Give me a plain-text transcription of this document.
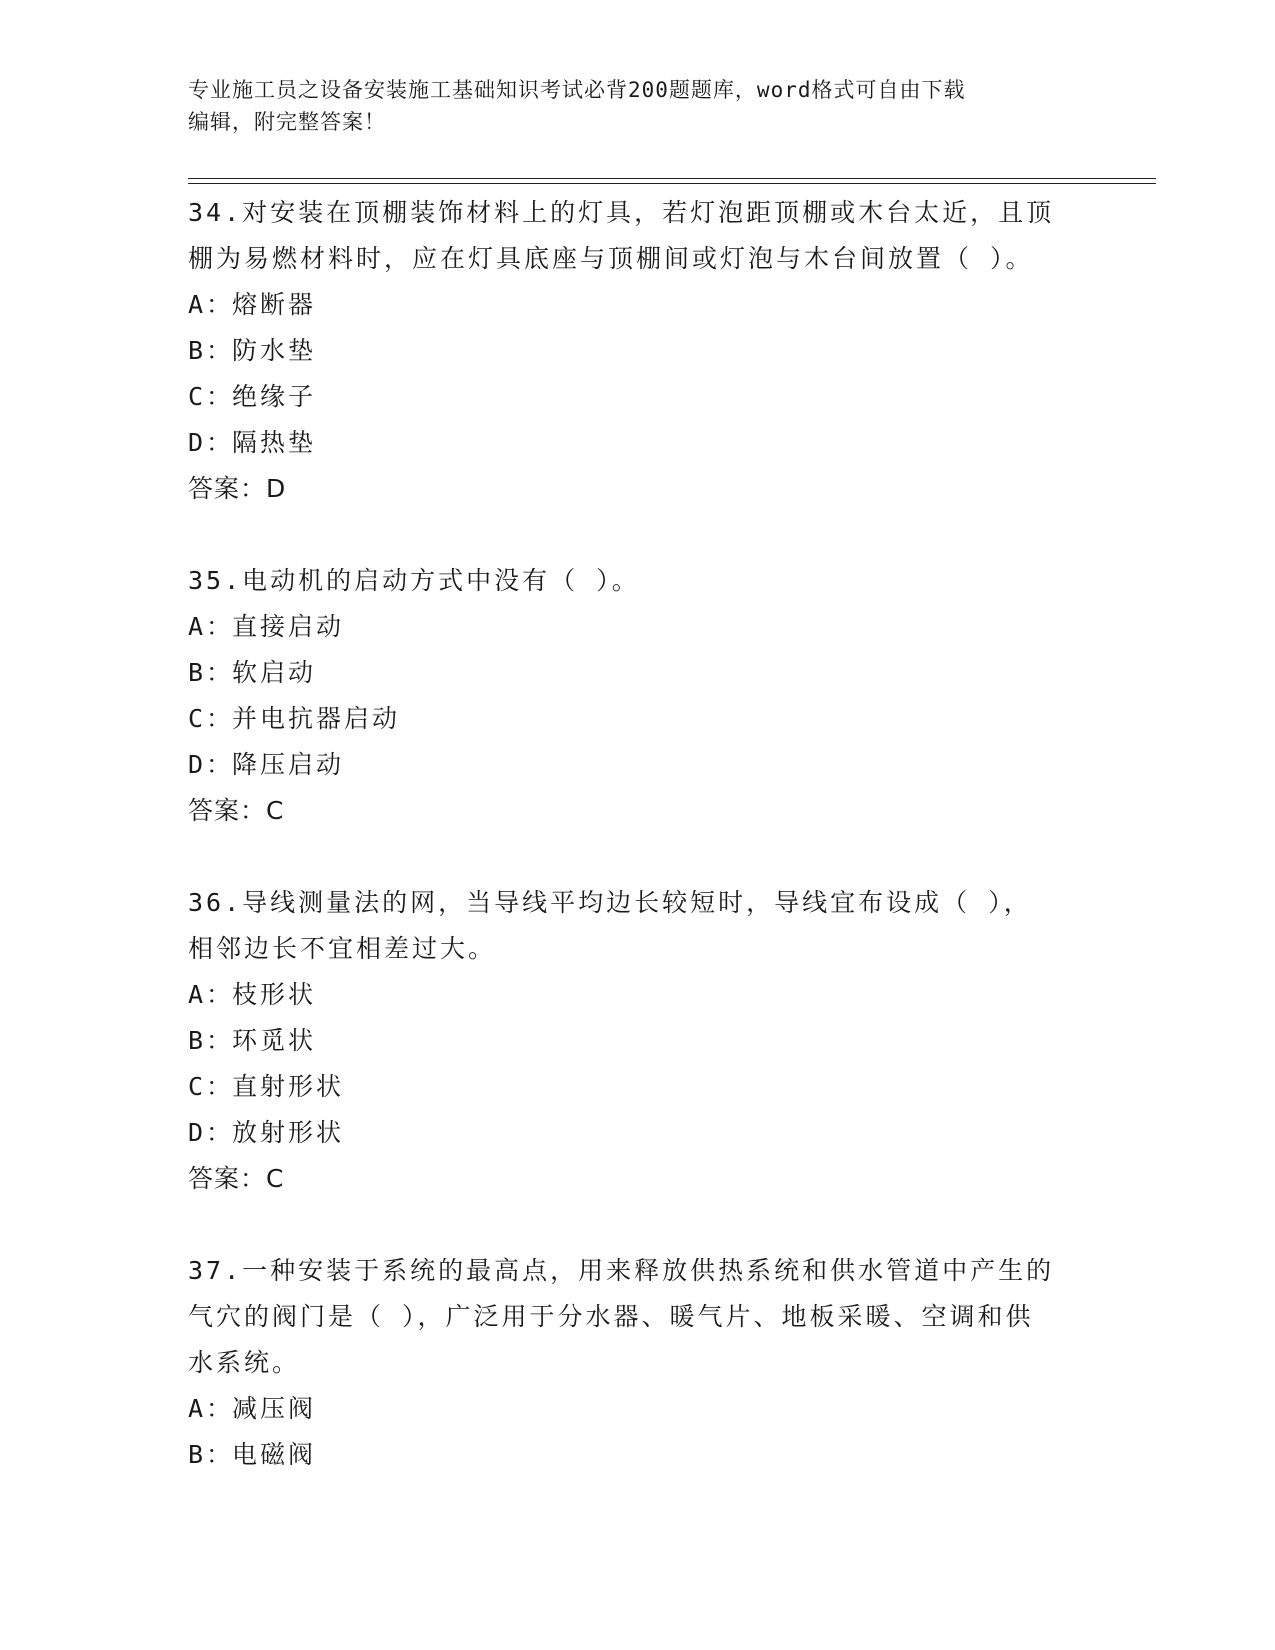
专业施工员之设备安装施工基础知识考试必背200题题库，word格式可自由下载
编辑，附完整答案！

34.对安装在顶棚装饰材料上的灯具，若灯泡距顶棚或木台太近，且顶

棚为易燃材料时，应在灯具底座与顶棚间或灯泡与木台间放置（ ）。

A：熔断器

B：防水垫

C：绝缘子

D：隔热垫

答案：D

35.电动机的启动方式中没有（ ）。

A：直接启动

B：软启动

C：并电抗器启动

D：降压启动

答案：C

36.导线测量法的网，当导线平均边长较短时，导线宜布设成（ ），

相邻边长不宜相差过大。

A：枝形状

B：环觅状

C：直射形状

D：放射形状

答案：C

37.一种安装于系统的最高点，用来释放供热系统和供水管道中产生的

气穴的阀门是（ ），广泛用于分水器、暖气片、地板采暖、空调和供

水系统。

A：减压阀

B：电磁阀
